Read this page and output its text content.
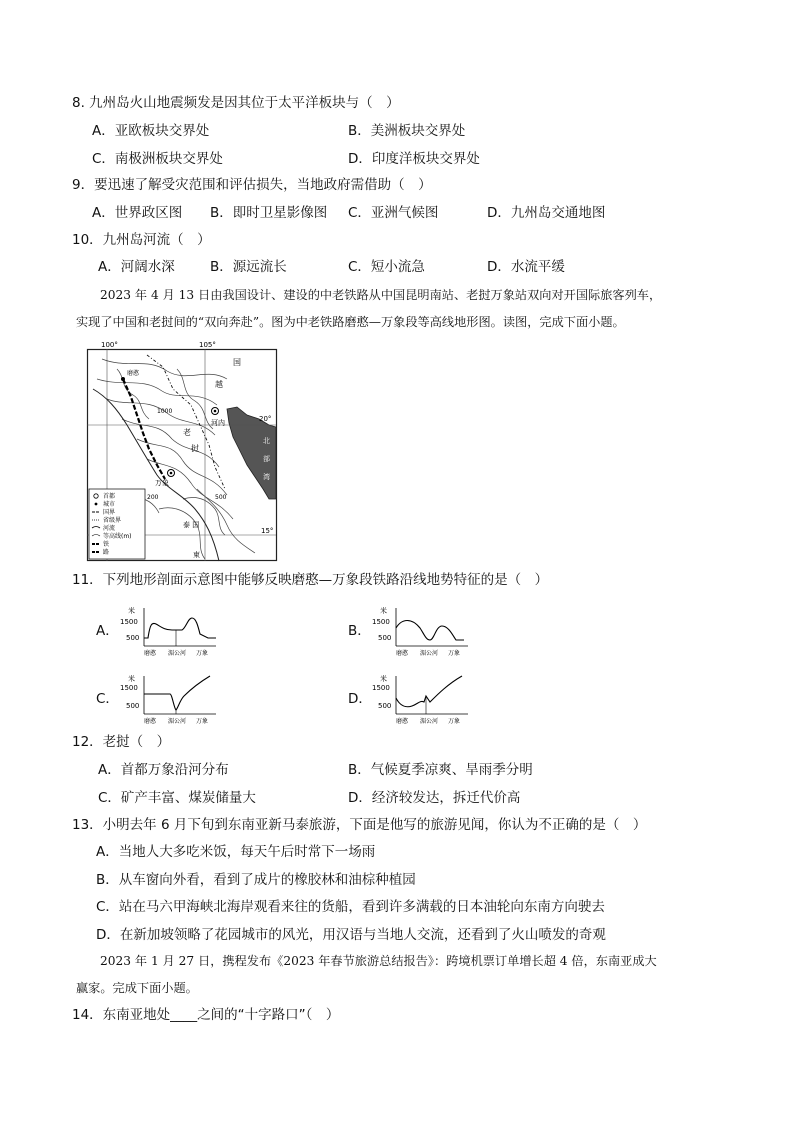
8. 九州岛火山地震频发是因其位于太平洋板块与（　）
A．亚欧板块交界处	B．美洲板块交界处
C．南极洲板块交界处	D．印度洋板块交界处
9．要迅速了解受灾范围和评估损失，当地政府需借助（　）
A．世界政区图 B．即时卫星影像图 C．亚洲气候图	D．九州岛交通地图
10．九州岛河流（　）
A．河阔水深	B．源远流长	C．短小流急	D．水流平缓
2023 年 4 月 13 日由我国设计、建设的中老铁路从中国昆明南站、老挝万象站双向对开国际旅客列车，
实现了中国和老挝间的“双向奔赴”。图为中老铁路磨憨—万象段等高线地形图。读图，完成下面小题。
100°	105°
20°
15°
国
越
老
挝
河内
万象
北
部
湾
泰 国
柬
磨憨
200
1000
500
首都
城市
国界
省级界
河流
等高线(m)
铁
路
11．下列地形剖面示意图中能够反映磨憨—万象段铁路沿线地势特征的是（　）
A．	B．
C．	D．
米
1500
500
磨憨 湄公河 万象
米
1500
500
磨憨 湄公河 万象
米
1500
500
磨憨 湄公河 万象
米
1500
500
磨憨 湄公河 万象
12．老挝（　）
A．首都万象沿河分布	B．气候夏季凉爽、旱雨季分明
C．矿产丰富、煤炭储量大	D．经济较发达，拆迁代价高
13．小明去年 6 月下旬到东南亚新马泰旅游，下面是他写的旅游见闻，你认为不正确的是（　）
A．当地人大多吃米饭，每天午后时常下一场雨
B．从车窗向外看，看到了成片的橡胶林和油棕种植园
C．站在马六甲海峡北海岸观看来往的货船，看到许多满载的日本油轮向东南方向驶去
D．在新加坡领略了花园城市的风光，用汉语与当地人交流，还看到了火山喷发的奇观
2023 年 1 月 27 日，携程发布《2023 年春节旅游总结报告》：跨境机票订单增长超 4 倍，东南亚成大
赢家。完成下面小题。
14．东南亚地处____之间的“十字路口”（　）
